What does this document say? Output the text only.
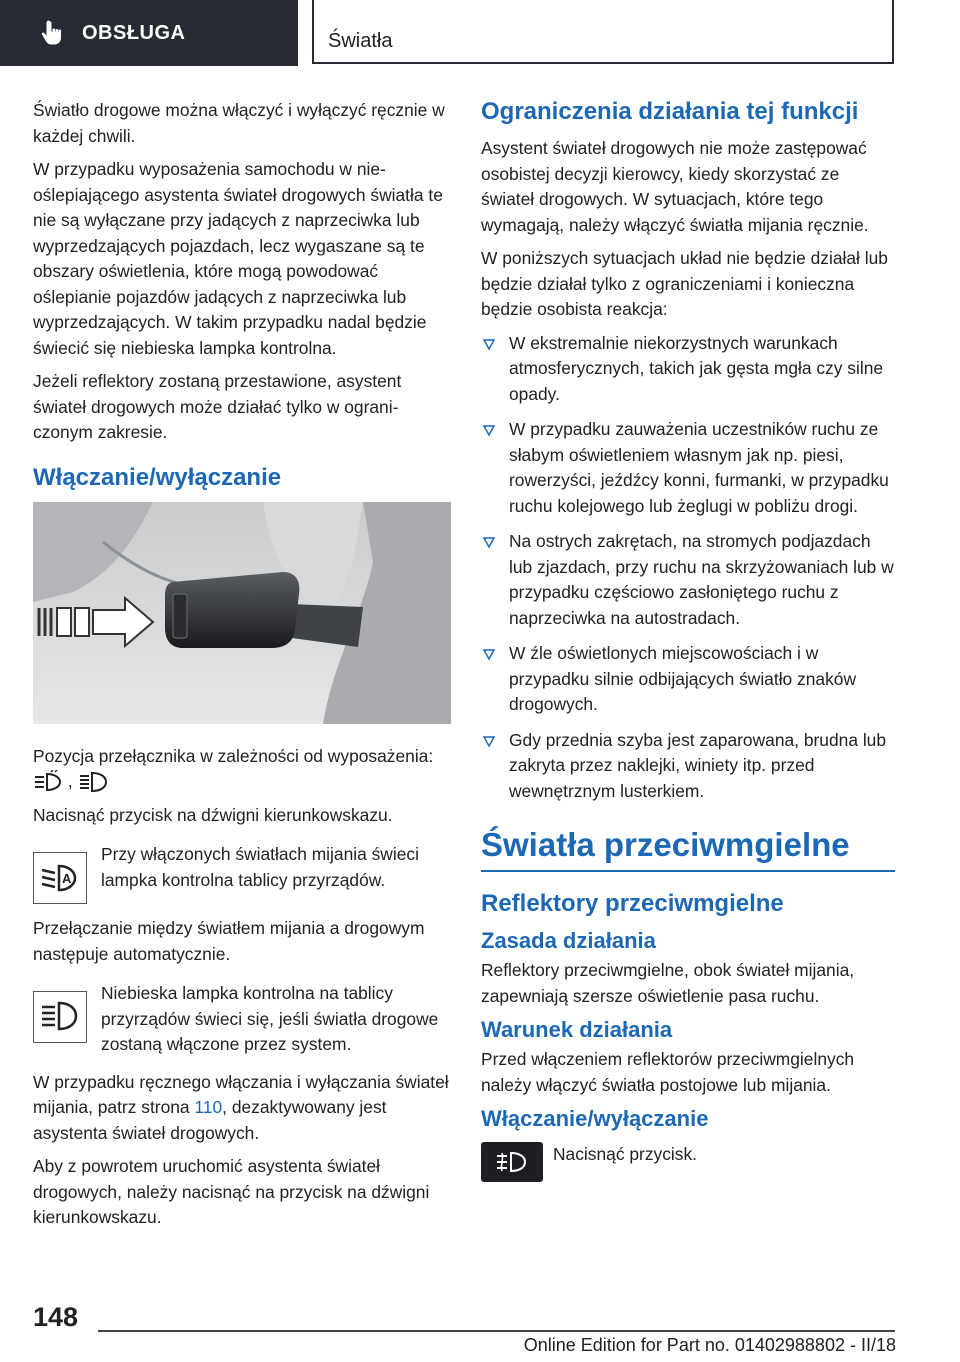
OBSŁUGA	Światła

Światło drogowe można włączyć i wyłączyć ręcznie w każdej chwili.

W przypadku wyposażenia samochodu w nieoślepiającego asystenta świateł drogowych światła te nie są wyłączane przy jadących z naprzeciwka lub wyprzedzających pojazdach, lecz wygaszane są te obszary oświetlenia, które mogą powodować oślepianie pojazdów jadących z naprzeciwka lub wyprzedzających. W takim przypadku nadal będzie świecić się niebieska lampka kontrolna.

Jeżeli reflektory zostaną przestawione, asystent świateł drogowych może działać tylko w ograniczonym zakresie.

Włączanie/wyłączanie

Pozycja przełącznika w zależności od wyposażenia:  ,

Nacisnąć przycisk na dźwigni kierunkowskazu.

A

Przy włączonych światłach mijania świeci lampka kontrolna tablicy przyrządów.

Przełączanie między światłem mijania a drogowym następuje automatycznie.

Niebieska lampka kontrolna na tablicy przyrządów świeci się, jeśli światła drogowe zostaną włączone przez system.

W przypadku ręcznego włączania i wyłączania świateł mijania, patrz strona 110, dezaktywowany jest asystenta świateł drogowych.

Aby z powrotem uruchomić asystenta świateł drogowych, należy nacisnąć na przycisk na dźwigni kierunkowskazu.

Ograniczenia działania tej funkcji

Asystent świateł drogowych nie może zastępować osobistej decyzji kierowcy, kiedy skorzystać ze świateł drogowych. W sytuacjach, które tego wymagają, należy włączyć światła mijania ręcznie.

W poniższych sytuacjach układ nie będzie działał lub będzie działał tylko z ograniczeniami i konieczna będzie osobista reakcja:

W ekstremalnie niekorzystnych warunkach atmosferycznych, takich jak gęsta mgła czy silne opady.
W przypadku zauważenia uczestników ruchu ze słabym oświetleniem własnym jak np. piesi, rowerzyści, jeźdźcy konni, furmanki, w przypadku ruchu kolejowego lub żeglugi w pobliżu drogi.
Na ostrych zakrętach, na stromych podjazdach lub zjazdach, przy ruchu na skrzyżowaniach lub w przypadku częściowo zasłoniętego ruchu z naprzeciwka na autostradach.
W źle oświetlonych miejscowościach i w przypadku silnie odbijających światło znaków drogowych.
Gdy przednia szyba jest zaparowana, brudna lub zakryta przez naklejki, winiety itp. przed wewnętrznym lusterkiem.
Światła przeciwmgielne
Reflektory przeciwmgielne
Zasada działania

Reflektory przeciwmgielne, obok świateł mijania, zapewniają szersze oświetlenie pasa ruchu.

Warunek działania

Przed włączeniem reflektorów przeciwmgielnych należy włączyć światła postojowe lub mijania.

Włączanie/wyłączanie

Nacisnąć przycisk.

148
Online Edition for Part no. 01402988802 - II/18
